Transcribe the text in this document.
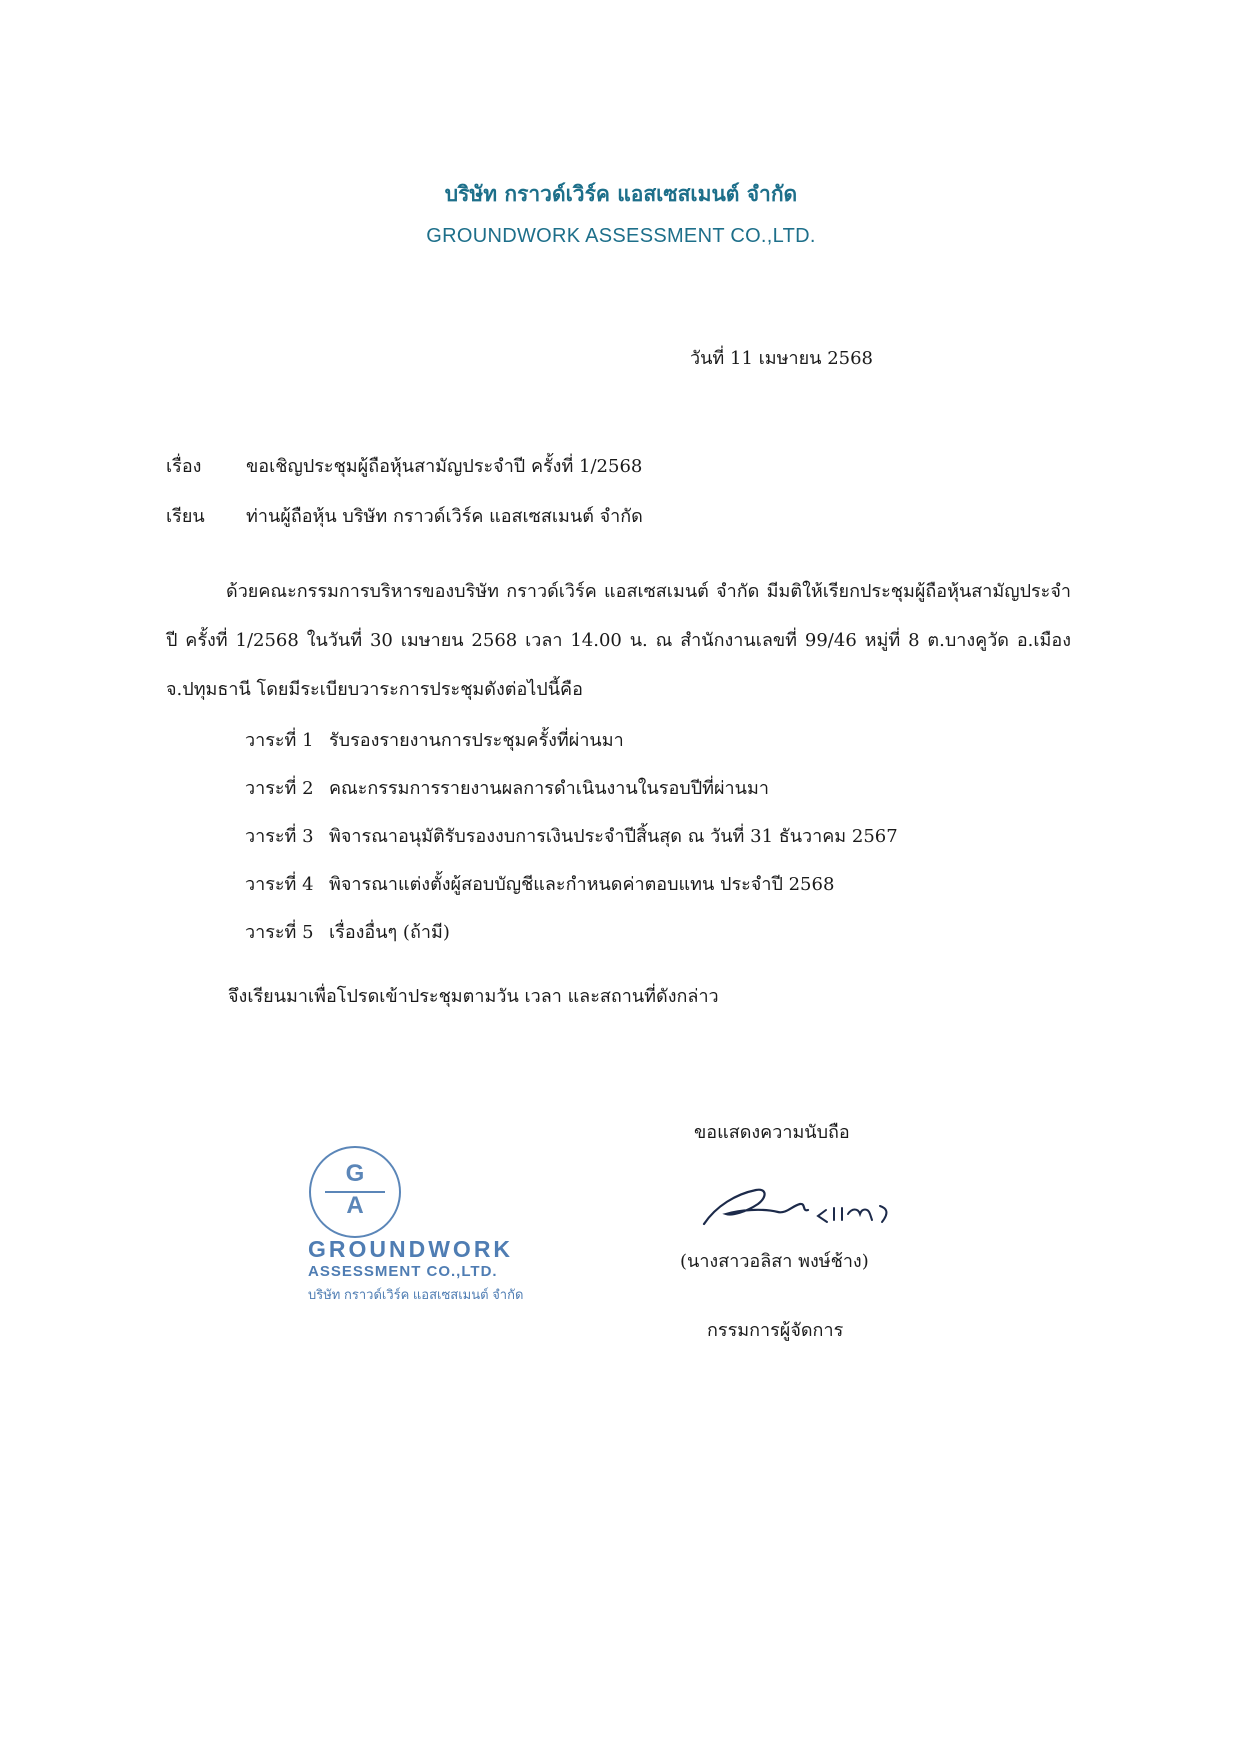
บริษัท กราวด์เวิร์ค แอสเซสเมนต์ จำกัด
GROUNDWORK ASSESSMENT CO.,LTD.
วันที่ 11 เมษายน 2568
เรื่อง ขอเชิญประชุมผู้ถือหุ้นสามัญประจำปี ครั้งที่ 1/2568
เรียน ท่านผู้ถือหุ้น บริษัท กราวด์เวิร์ค แอสเซสเมนต์ จำกัด
ด้วยคณะกรรมการบริหารของบริษัท กราวด์เวิร์ค แอสเซสเมนต์ จำกัด มีมติให้เรียกประชุมผู้ถือหุ้นสามัญประจำปี ครั้งที่ 1/2568 ในวันที่ 30 เมษายน 2568 เวลา 14.00 น. ณ สำนักงานเลขที่ 99/46 หมู่ที่ 8 ต.บางคูวัด อ.เมือง จ.ปทุมธานี โดยมีระเบียบวาระการประชุมดังต่อไปนี้คือ
วาระที่ 1 รับรองรายงานการประชุมครั้งที่ผ่านมา
วาระที่ 2 คณะกรรมการรายงานผลการดำเนินงานในรอบปีที่ผ่านมา
วาระที่ 3 พิจารณาอนุมัติรับรองงบการเงินประจำปีสิ้นสุด ณ วันที่ 31 ธันวาคม 2567
วาระที่ 4 พิจารณาแต่งตั้งผู้สอบบัญชีและกำหนดค่าตอบแทน ประจำปี 2568
วาระที่ 5 เรื่องอื่นๆ (ถ้ามี)
จึงเรียนมาเพื่อโปรดเข้าประชุมตามวัน เวลา และสถานที่ดังกล่าว
ขอแสดงความนับถือ
G
A
GROUNDWORK
ASSESSMENT CO.,LTD.
บริษัท กราวด์เวิร์ค แอสเซสเมนต์ จำกัด
(นางสาวอลิสา พงษ์ช้าง)
กรรมการผู้จัดการ
